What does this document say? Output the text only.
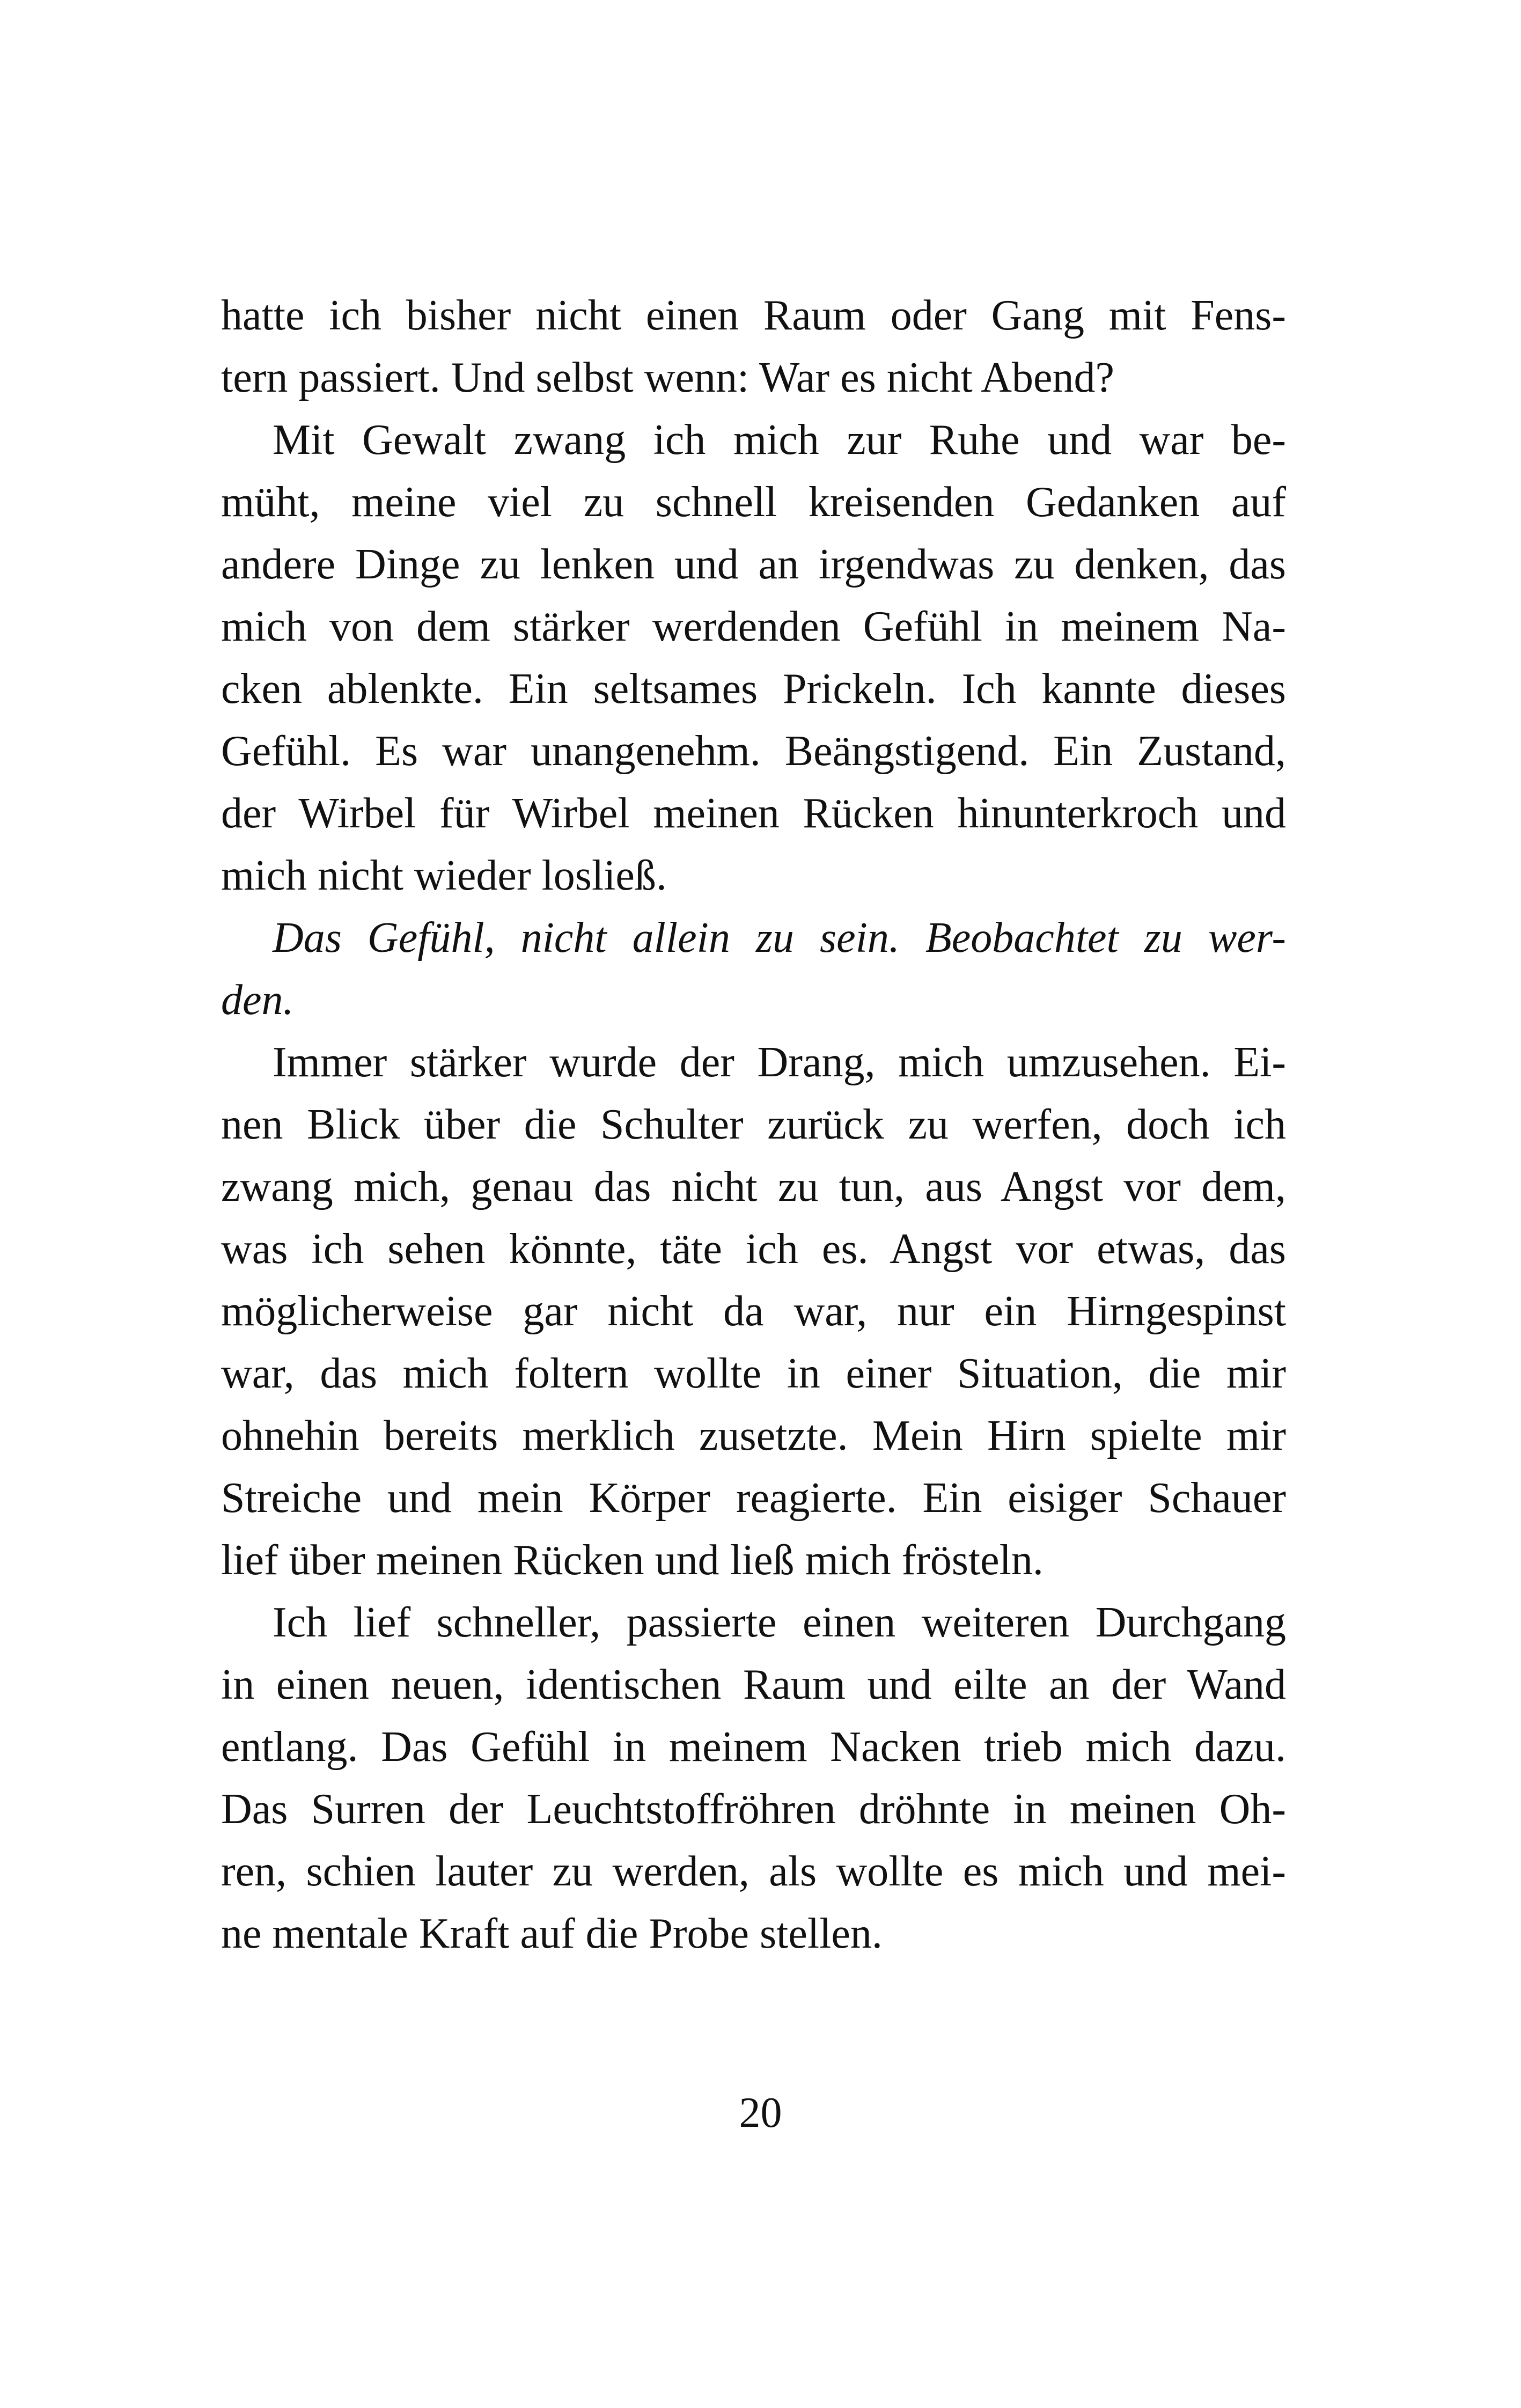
hatte ich bisher nicht einen Raum oder Gang mit Fens-
tern passiert. Und selbst wenn: War es nicht Abend?
Mit Gewalt zwang ich mich zur Ruhe und war be-
müht, meine viel zu schnell kreisenden Gedanken auf
andere Dinge zu lenken und an irgendwas zu denken, das
mich von dem stärker werdenden Gefühl in meinem Na-
cken ablenkte. Ein seltsames Prickeln. Ich kannte dieses
Gefühl. Es war unangenehm. Beängstigend. Ein Zustand,
der Wirbel für Wirbel meinen Rücken hinunterkroch und
mich nicht wieder losließ.
Das Gefühl, nicht allein zu sein. Beobachtet zu wer-
den.
Immer stärker wurde der Drang, mich umzusehen. Ei-
nen Blick über die Schulter zurück zu werfen, doch ich
zwang mich, genau das nicht zu tun, aus Angst vor dem,
was ich sehen könnte, täte ich es. Angst vor etwas, das
möglicherweise gar nicht da war, nur ein Hirngespinst
war, das mich foltern wollte in einer Situation, die mir
ohnehin bereits merklich zusetzte. Mein Hirn spielte mir
Streiche und mein Körper reagierte. Ein eisiger Schauer
lief über meinen Rücken und ließ mich frösteln.
Ich lief schneller, passierte einen weiteren Durchgang
in einen neuen, identischen Raum und eilte an der Wand
entlang. Das Gefühl in meinem Nacken trieb mich dazu.
Das Surren der Leuchtstoffröhren dröhnte in meinen Oh-
ren, schien lauter zu werden, als wollte es mich und mei-
ne mentale Kraft auf die Probe stellen.
20
